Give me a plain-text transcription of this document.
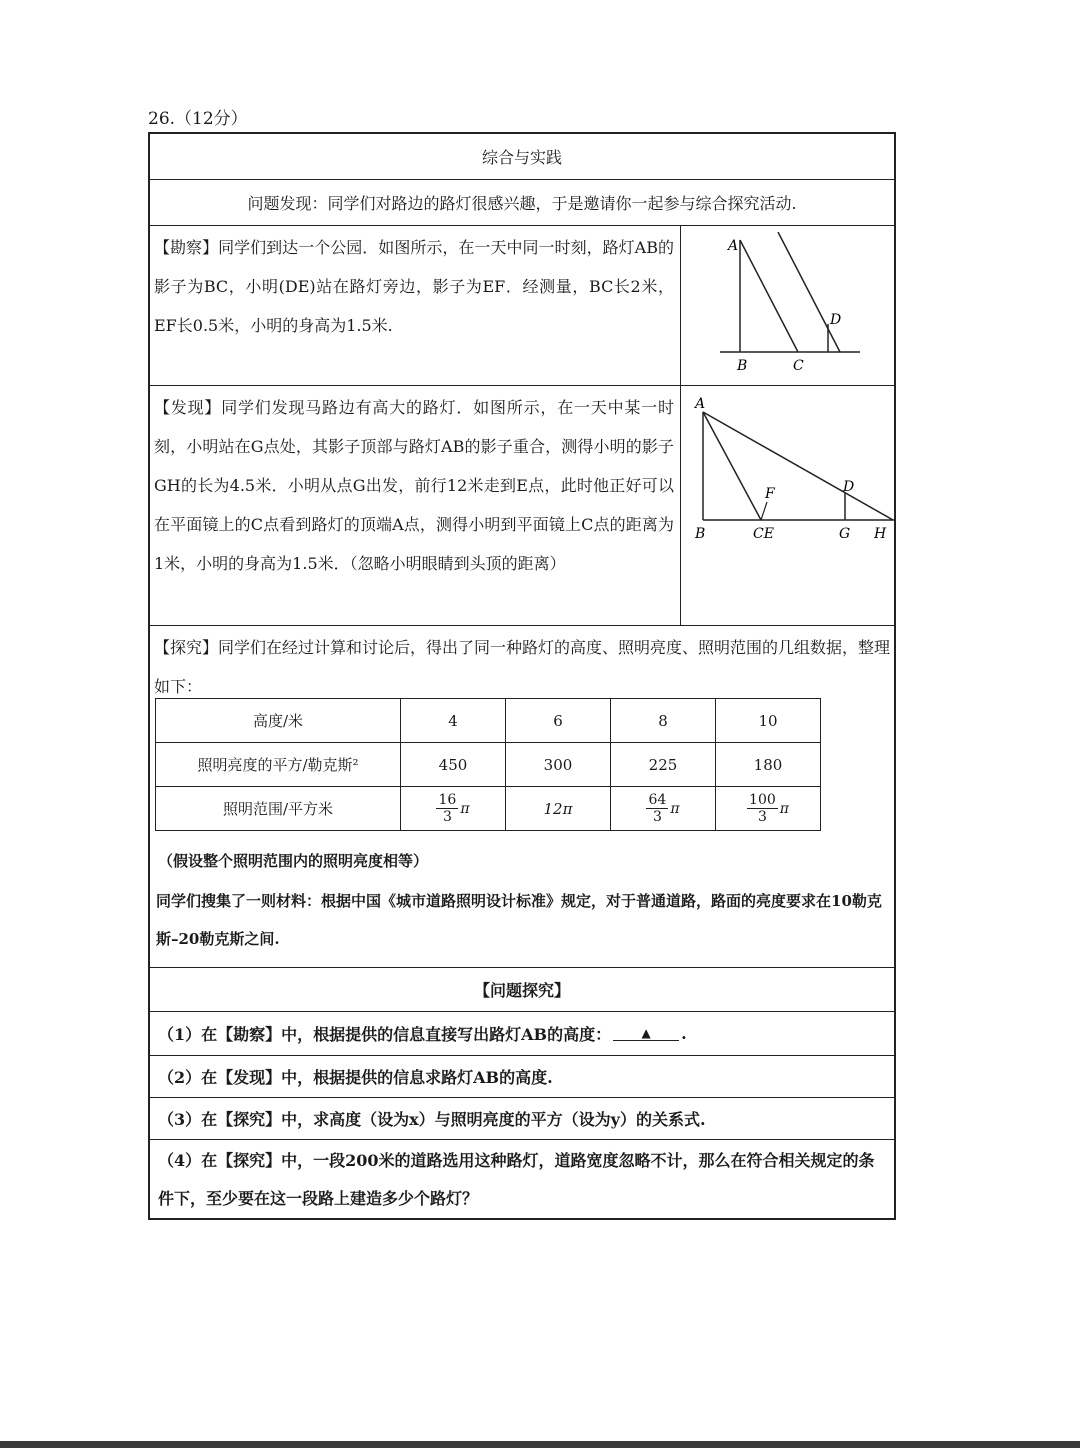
26.（12分）
综合与实践
问题发现：同学们对路边的路灯很感兴趣，于是邀请你一起参与综合探究活动.
【勘察】同学们到达一个公园．如图所示，在一天中同一时刻，路灯AB的影子为BC，小明(DE)站在路灯旁边，影子为EF．经测量，BC长2米，EF长0.5米，小明的身高为1.5米.
A
B	C
D
【发现】同学们发现马路边有高大的路灯．如图所示，在一天中某一时刻，小明站在G点处，其影子顶部与路灯AB的影子重合，测得小明的影子GH的长为4.5米．小明从点G出发，前行12米走到E点，此时他正好可以在平面镜上的C点看到路灯的顶端A点，测得小明到平面镜上C点的距离为1米，小明的身高为1.5米．（忽略小明眼睛到头顶的距离）
A
B	CE
F	D
G H
【探究】同学们在经过计算和讨论后，得出了同一种路灯的高度、照明亮度、照明范围的几组数据，整理如下：
高度/米	4	6	8	10
照明亮度的平方/勒克斯²	450	300	225	180
照明范围/平方米	$\frac{16}{3}$ π	12π	$\frac{64}{3}$ π	$\frac{100}{3}$ π
（假设整个照明范围内的照明亮度相等）
同学们搜集了一则材料：根据中国《城市道路照明设计标准》规定，对于普通道路，路面的亮度要求在10勒克斯–20勒克斯之间.
【问题探究】
（1）在【勘察】中，根据提供的信息直接写出路灯AB的高度：	▲	.
（2）在【发现】中，根据提供的信息求路灯AB的高度.
（3）在【探究】中，求高度（设为x）与照明亮度的平方（设为y）的关系式.
（4）在【探究】中，一段200米的道路选用这种路灯，道路宽度忽略不计，那么在符合相关规定的条件下，至少要在这一段路上建造多少个路灯？
